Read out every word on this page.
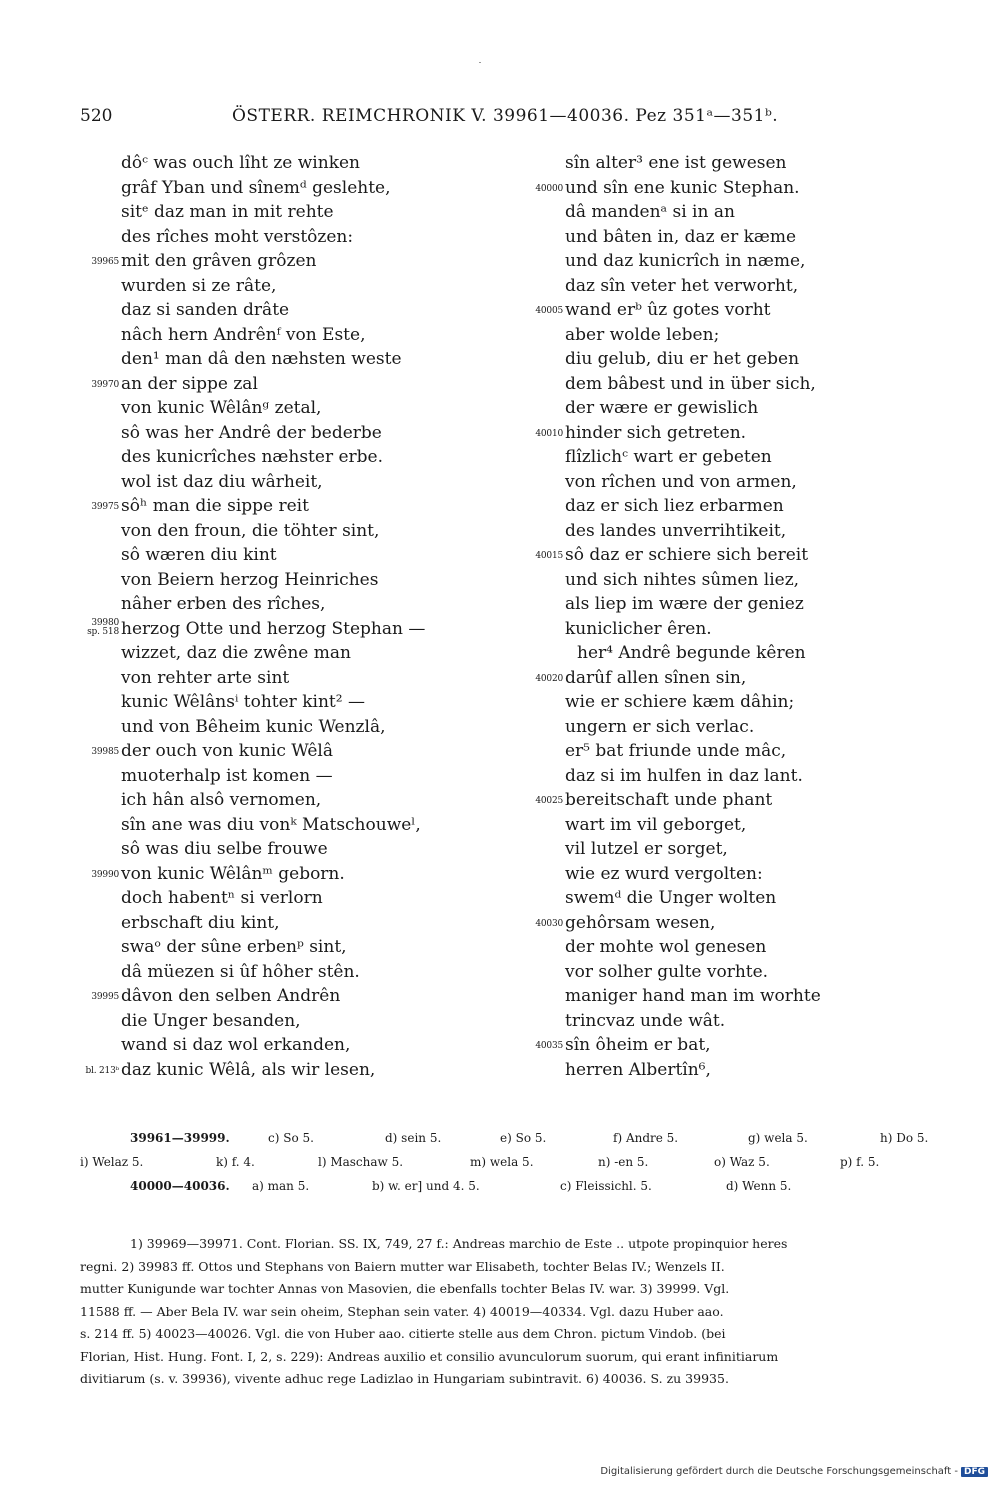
520	ÖSTERR. REIMCHRONIK V. 39961—40036. Pez 351ᵃ—351ᵇ.
dôᶜ was ouch lîht ze winken
grâf Yban und sînemᵈ geslehte,
sitᵉ daz man in mit rehte
des rîches moht verstôzen:
39965 mit den grâven grôzen
wurden si ze râte,
daz si sanden drâte
nâch hern Andrênᶠ von Este,
den¹ man dâ den næhsten weste
39970 an der sippe zal
von kunic Wêlânᵍ zetal,
sô was her Andrê der bederbe
des kunicrîches næhster erbe.
wol ist daz diu wârheit,
39975 sôʰ man die sippe reit
von den froun, die töhter sint,
sô wæren diu kint
von Beiern herzog Heinriches
nâher erben des rîches,
39980
sp. 518 herzog Otte und herzog Stephan —
wizzet, daz die zwêne man
von rehter arte sint
kunic Wêlânsⁱ tohter kint² —
und von Bêheim kunic Wenzlâ,
39985 der ouch von kunic Wêlâ
muoterhalp ist komen —
ich hân alsô vernomen,
sîn ane was diu vonᵏ Matschouweˡ,
sô was diu selbe frouwe
39990 von kunic Wêlânᵐ geborn.
doch habentⁿ si verlorn
erbschaft diu kint,
swaᵒ der sûne erbenᵖ sint,
dâ müezen si ûf hôher stên.
39995 dâvon den selben Andrên
die Unger besanden,
wand si daz wol erkanden,
bl. 213ᵇ daz kunic Wêlâ, als wir lesen,
sîn alter³ ene ist gewesen
40000 und sîn ene kunic Stephan.
dâ mandenᵃ si in an
und bâten in, daz er kæme
und daz kunicrîch in næme,
daz sîn veter het verworht,
40005 wand erᵇ ûz gotes vorht
aber wolde leben;
diu gelub, diu er het geben
dem bâbest und in über sich,
der wære er gewislich
40010 hinder sich getreten.
flîzlichᶜ wart er gebeten
von rîchen und von armen,
daz er sich liez erbarmen
des landes unverrihtikeit,
40015 sô daz er schiere sich bereit
und sich nihtes sûmen liez,
als liep im wære der geniez
kuniclicher êren.
her⁴ Andrê begunde kêren
40020 darûf allen sînen sin,
wie er schiere kæm dâhin;
ungern er sich verlac.
er⁵ bat friunde unde mâc,
daz si im hulfen in daz lant.
40025 bereitschaft unde phant
wart im vil geborget,
vil lutzel er sorget,
wie ez wurd vergolten:
swemᵈ die Unger wolten
40030 gehôrsam wesen,
der mohte wol genesen
vor solher gulte vorhte.
maniger hand man im worhte
trincvaz unde wât.
40035 sîn ôheim er bat,
herren Albertîn⁶,
39961—39999.	c) So 5.	d) sein 5.	e) So 5.	f) Andre 5.	g) wela 5.	h) Do 5.
i) Welaz 5.	k) f. 4.	l) Maschaw 5.	m) wela 5.	n) -en 5.	o) Waz 5.	p) f. 5.
40000—40036. a) man 5.	b) w. er] und 4. 5.	c) Fleissichl. 5.	d) Wenn 5.
1) 39969—39971. Cont. Florian. SS. IX, 749, 27 f.: Andreas marchio de Este .. utpote propinquior heres
regni. 2) 39983 ff. Ottos und Stephans von Baiern mutter war Elisabeth, tochter Belas IV.; Wenzels II.
mutter Kunigunde war tochter Annas von Masovien, die ebenfalls tochter Belas IV. war. 3) 39999. Vgl.
11588 ff. — Aber Bela IV. war sein oheim, Stephan sein vater. 4) 40019—40334. Vgl. dazu Huber aao.
s. 214 ff. 5) 40023—40026. Vgl. die von Huber aao. citierte stelle aus dem Chron. pictum Vindob. (bei
Florian, Hist. Hung. Font. I, 2, s. 229): Andreas auxilio et consilio avunculorum suorum, qui erant infinitiarum
divitiarum (s. v. 39936), vivente adhuc rege Ladizlao in Hungariam subintravit. 6) 40036. S. zu 39935.
Digitalisierung gefördert durch die Deutsche Forschungsgemeinschaft - DFG
